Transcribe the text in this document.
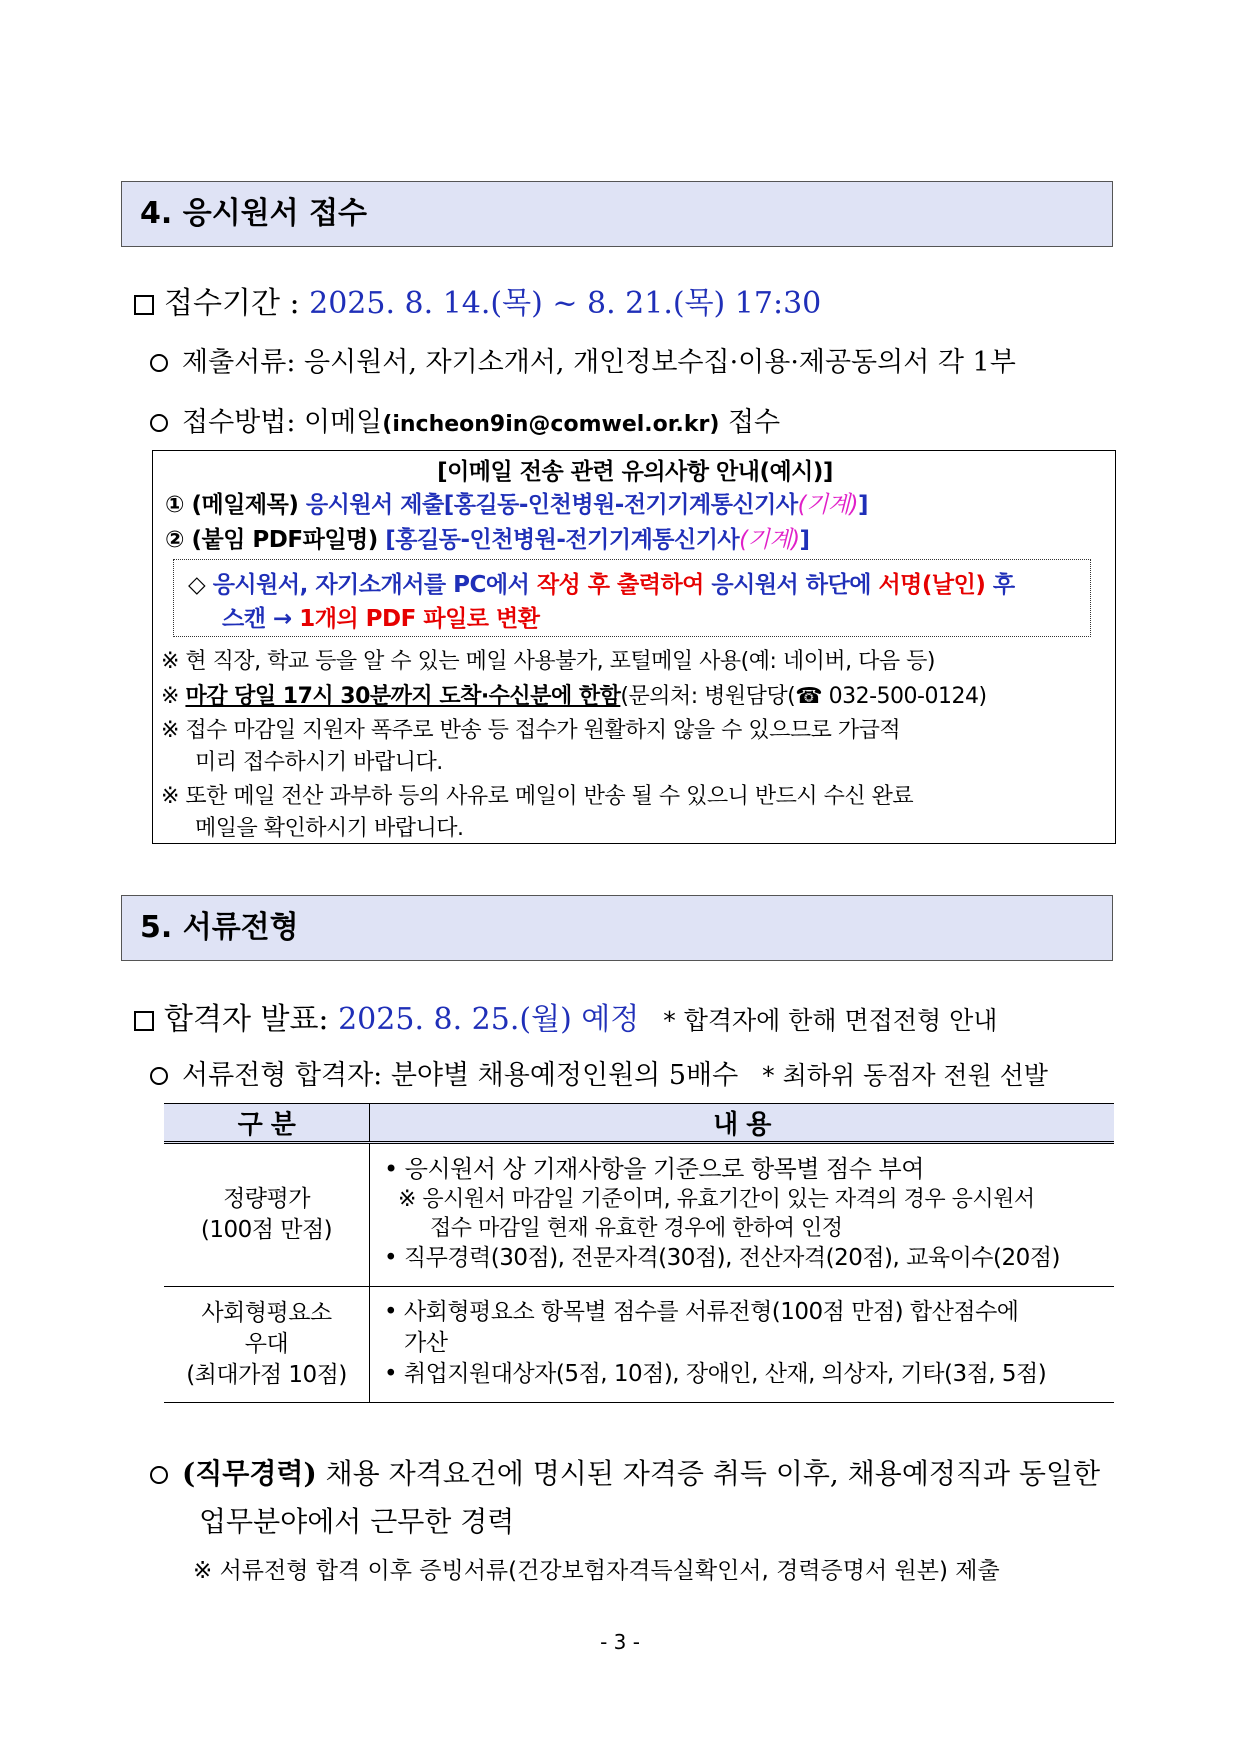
4. 응시원서 접수
접수기간 : 2025. 8. 14.(목) ~ 8. 21.(목) 17:30
제출서류: 응시원서, 자기소개서, 개인정보수집·이용·제공동의서 각 1부
접수방법: 이메일(incheon9in@comwel.or.kr) 접수
[이메일 전송 관련 유의사항 안내(예시)]
① (메일제목) 응시원서 제출[홍길동-인천병원-전기기계통신기사(기계)]
② (붙임 PDF파일명) [홍길동-인천병원-전기기계통신기사(기계)]
◇ 응시원서, 자기소개서를 PC에서 작성 후 출력하여 응시원서 하단에 서명(날인) 후
스캔 → 1개의 PDF 파일로 변환
※ 현 직장, 학교 등을 알 수 있는 메일 사용불가, 포털메일 사용(예: 네이버, 다음 등)
※ 마감 당일 17시 30분까지 도착·수신분에 한함(문의처: 병원담당(☎ 032-500-0124)
※ 접수 마감일 지원자 폭주로 반송 등 접수가 원활하지 않을 수 있으므로 가급적
미리 접수하시기 바랍니다.
※ 또한 메일 전산 과부하 등의 사유로 메일이 반송 될 수 있으니 반드시 수신 완료
메일을 확인하시기 바랍니다.
5. 서류전형
합격자 발표: 2025. 8. 25.(월) 예정 * 합격자에 한해 면접전형 안내
서류전형 합격자: 분야별 채용예정인원의 5배수 * 최하위 동점자 전원 선발
구 분	내 용

정량평가
(100점 만점)	• 응시원서 상 기재사항을 기준으로 항목별 점수 부여
※ 응시원서 마감일 기준이며, 유효기간이 있는 자격의 경우 응시원서
접수 마감일 현재 유효한 경우에 한하여 인정
• 직무경력(30점), 전문자격(30점), 전산자격(20점), 교육이수(20점)

사회형평요소
우대
(최대가점 10점)	• 사회형평요소 항목별 점수를 서류전형(100점 만점) 합산점수에
가산
• 취업지원대상자(5점, 10점), 장애인, 산재, 의상자, 기타(3점, 5점)
(직무경력) 채용 자격요건에 명시된 자격증 취득 이후, 채용예정직과 동일한
업무분야에서 근무한 경력
※ 서류전형 합격 이후 증빙서류(건강보험자격득실확인서, 경력증명서 원본) 제출
- 3 -
